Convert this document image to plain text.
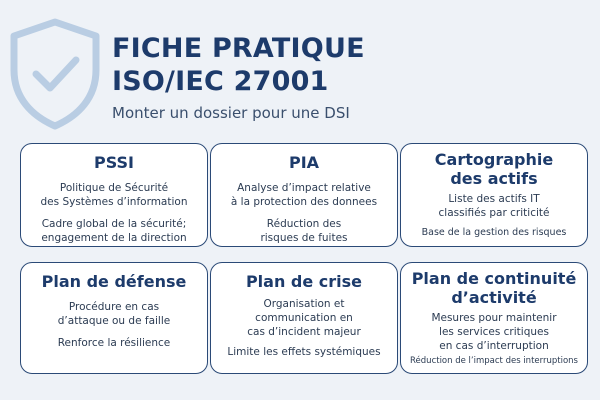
FICHE PRATIQUE
ISO/IEC 27001
Monter un dossier pour une DSI
PSSI
Politique de Sécurité
des Systèmes d’information
Cadre global de la sécurité;
engagement de la direction
PIA
Analyse d’impact relative
à la protection des donnees
Réduction des
risques de fuites
Cartographie
des actifs
Liste des actifs IT
classifiés par criticité
Base de la gestion des risques
Plan de défense
Procédure en cas
d’attaque ou de faille
Renforce la résilience
Plan de crise
Organisation et
communication en
cas d’incident majeur
Limite les effets systémiques
Plan de continuité
d’activité
Mesures pour maintenir
les services critiques
en cas d’interruption
Réduction de l’impact des interruptions
